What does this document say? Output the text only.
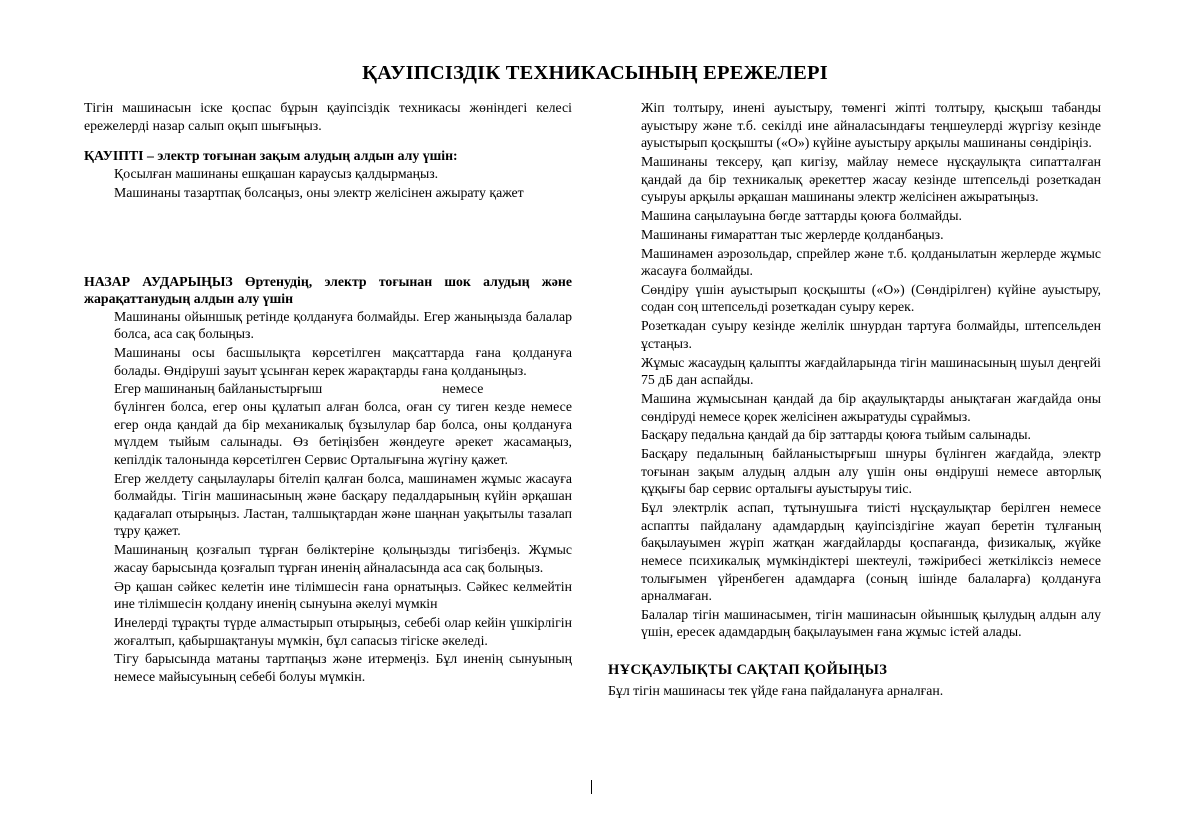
ҚАУІПСІЗДІК ТЕХНИКАСЫНЫҢ ЕРЕЖЕЛЕРІ

Тігін машинасын іске қоспас бұрын қауіпсіздік техникасы жөніндегі келесі ережелерді назар салып оқып шығыңыз.

ҚАУІПТІ – электр тоғынан зақым алудың алдын алу үшін:

Қосылған машинаны ешқашан караусыз қалдырмаңыз.

Машинаны тазартпақ болсаңыз, оны электр желісінен ажырату қажет

НАЗАР АУДАРЫҢЫЗ Өртенудің, электр тоғынан шок алудың және жарақаттанудың алдын алу үшін

Машинаны ойыншық ретінде қолдануға болмайды. Егер жаныңызда балалар болса, аса сақ болыңыз.

Машинаны осы басшылықта көрсетілген мақсаттарда ғана қолдануға болады. Өндіруші зауыт ұсынған керек жарақтарды ғана қолданыңыз.

Егер машинаның байланыстырғыш	немесе

бүлінген болса, егер оны құлатып алған болса, оған су тиген кезде немесе егер онда қандай да бір механикалық бұзылулар бар болса, оны қолдануға мүлдем тыйым салынады. Өз бетіңізбен жөндеуге әрекет жасамаңыз, кепілдік талонында көрсетілген Сервис Орталығына жүгіну қажет.

Егер желдету саңылаулары бітеліп қалған болса, машинамен жұмыс жасауға болмайды. Тігін машинасының және басқару педалдарының күйін әрқашан қадағалап отырыңыз. Ластан, талшықтардан және шаңнан уақытылы тазалап тұру қажет.

Машинаның қозғалып тұрған бөліктеріне қолыңызды тигізбеңіз. Жұмыс жасау барысында қозғалып тұрған иненің айналасында аса сақ болыңыз.

Әр қашан сәйкес келетін ине тілімшесін ғана орнатыңыз. Сәйкес келмейтін ине тілімшесін қолдану иненің сынуына әкелуі мүмкін

Инелерді тұрақты түрде алмастырып отырыңыз, себебі олар кейін үшкірлігін жоғалтып, қабыршақтануы мүмкін, бұл сапасыз тігіске әкеледі.

Тігу барысында матаны тартпаңыз және итермеңіз. Бұл иненің сынуының немесе майысуының себебі болуы мүмкін.

Жіп толтыру, инені ауыстыру, төменгі жіпті толтыру, қысқыш табанды ауыстыру және т.б. секілді ине айналасындағы теңшеулерді жүргізу кезінде ауыстырып қосқышты («О») күйіне ауыстыру арқылы машинаны сөндіріңіз.

Машинаны тексеру, қап кигізу, майлау немесе нұсқаулықта сипатталған қандай да бір техникалық әрекеттер жасау кезінде штепсельді розеткадан суыруы арқылы әрқашан машинаны электр желісінен ажыратыңыз.

Машина саңылауына бөгде заттарды қоюға болмайды.

Машинаны ғимараттан тыс жерлерде қолданбаңыз.

Машинамен аэрозольдар, спрейлер және т.б. қолданылатын жерлерде жұмыс жасауға болмайды.

Сөндіру үшін ауыстырып қосқышты («О») (Сөндірілген) күйіне ауыстыру, содан соң штепсельді розеткадан суыру керек.

Розеткадан суыру кезінде желілік шнурдан тартуға болмайды, штепсельден ұстаңыз.

Жұмыс жасаудың қалыпты жағдайларында тігін машинасының шуыл деңгейі 75 дБ дан аспайды.

Машина жұмысынан қандай да бір ақаулықтарды анықтаған жағдайда оны сөндіруді немесе қорек желісінен ажыратуды сұраймыз.

Басқару педальна қандай да бір заттарды қоюға тыйым салынады.

Басқару педалының байланыстырғыш шнуры бүлінген жағдайда, электр тоғынан зақым алудың алдын алу үшін оны өндіруші немесе авторлық құқығы бар сервис орталығы ауыстыруы тиіс.

Бұл электрлік аспап, тұтынушыға тиісті нұсқаулықтар берілген немесе аспапты пайдалану адамдардың қауіпсіздігіне жауап беретін тұлғаның бақылауымен жүріп жатқан жағдайларды қоспағанда, физикалық, жүйке немесе психикалық мүмкіндіктері шектеулі, тәжірибесі жеткіліксіз немесе толығымен үйренбеген адамдарға (соның ішінде балаларға) қолдануға арналмаған.

Балалар тігін машинасымен, тігін машинасын ойыншық қылудың алдын алу үшін, ересек адамдардың бақылауымен ғана жұмыс істей алады.

НҰСҚАУЛЫҚТЫ САҚТАП ҚОЙЫҢЫЗ

Бұл тігін машинасы тек үйде ғана пайдалануға арналған.
